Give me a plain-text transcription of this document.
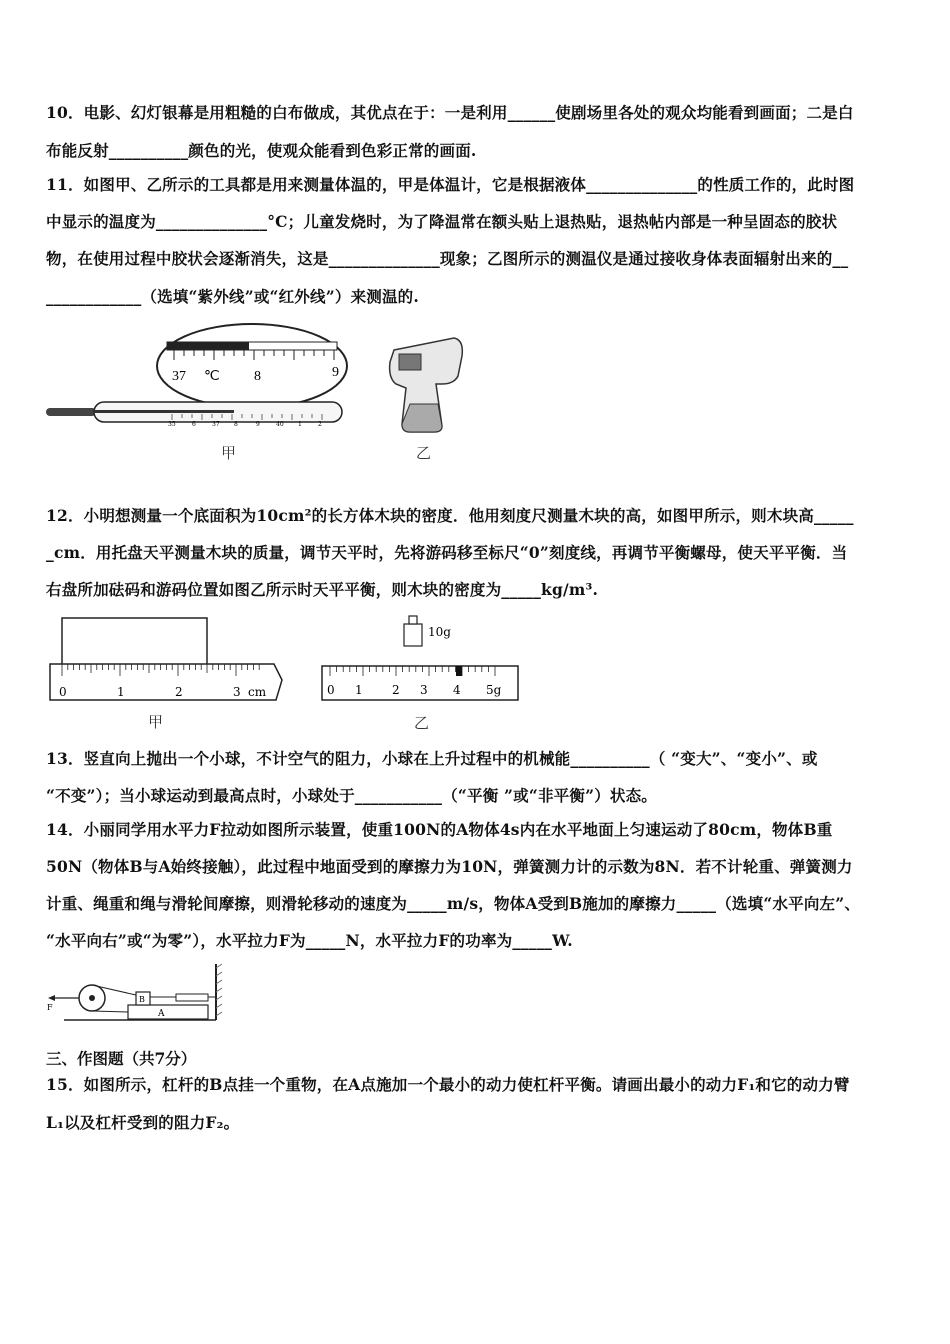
10．电影、幻灯银幕是用粗糙的白布做成，其优点在于：一是利用______使剧场里各处的观众均能看到画面；二是白
布能反射__________颜色的光，使观众能看到色彩正常的画面.
11．如图甲、乙所示的工具都是用来测量体温的，甲是体温计，它是根据液体______________的性质工作的，此时图
中显示的温度为______________°C；儿童发烧时，为了降温常在额头贴上退热贴，退热帖内部是一种呈固态的胶状
物，在使用过程中胶状会逐渐消失，这是______________现象；乙图所示的测温仪是通过接收身体表面辐射出来的__
____________（选填“紫外线”或“红外线”）来测温的.
37 ℃ 8	9
35	6	37 8	9	40 1	2
甲	乙
12．小明想测量一个底面积为10cm²的长方体木块的密度．他用刻度尺测量木块的高，如图甲所示，则木块高_____
_cm．用托盘天平测量木块的质量，调节天平时，先将游码移至标尺“0”刻度线，再调节平衡螺母，使天平平衡．当
右盘所加砝码和游码位置如图乙所示时天平平衡，则木块的密度为_____kg/m³.
0	1	2	3 cm
10g
0 1 2 3 4 5g
甲	乙
13．竖直向上抛出一个小球，不计空气的阻力，小球在上升过程中的机械能__________（ “变大”、“变小”、或
“不变”）；当小球运动到最高点时，小球处于___________（“平衡 ”或“非平衡”）状态。
14．小丽同学用水平力F拉动如图所示装置，使重100N的A物体4s内在水平地面上匀速运动了80cm，物体B重
50N（物体B与A始终接触），此过程中地面受到的摩擦力为10N，弹簧测力计的示数为8N．若不计轮重、弹簧测力
计重、绳重和绳与滑轮间摩擦，则滑轮移动的速度为_____m/s，物体A受到B施加的摩擦力_____（选填“水平向左”、
“水平向右”或“为零”），水平拉力F为_____N，水平拉力F的功率为_____W.
A
B
F
三、作图题（共7分）
15．如图所示，杠杆的B点挂一个重物，在A点施加一个最小的动力使杠杆平衡。请画出最小的动力F₁和它的动力臂
L₁以及杠杆受到的阻力F₂。
